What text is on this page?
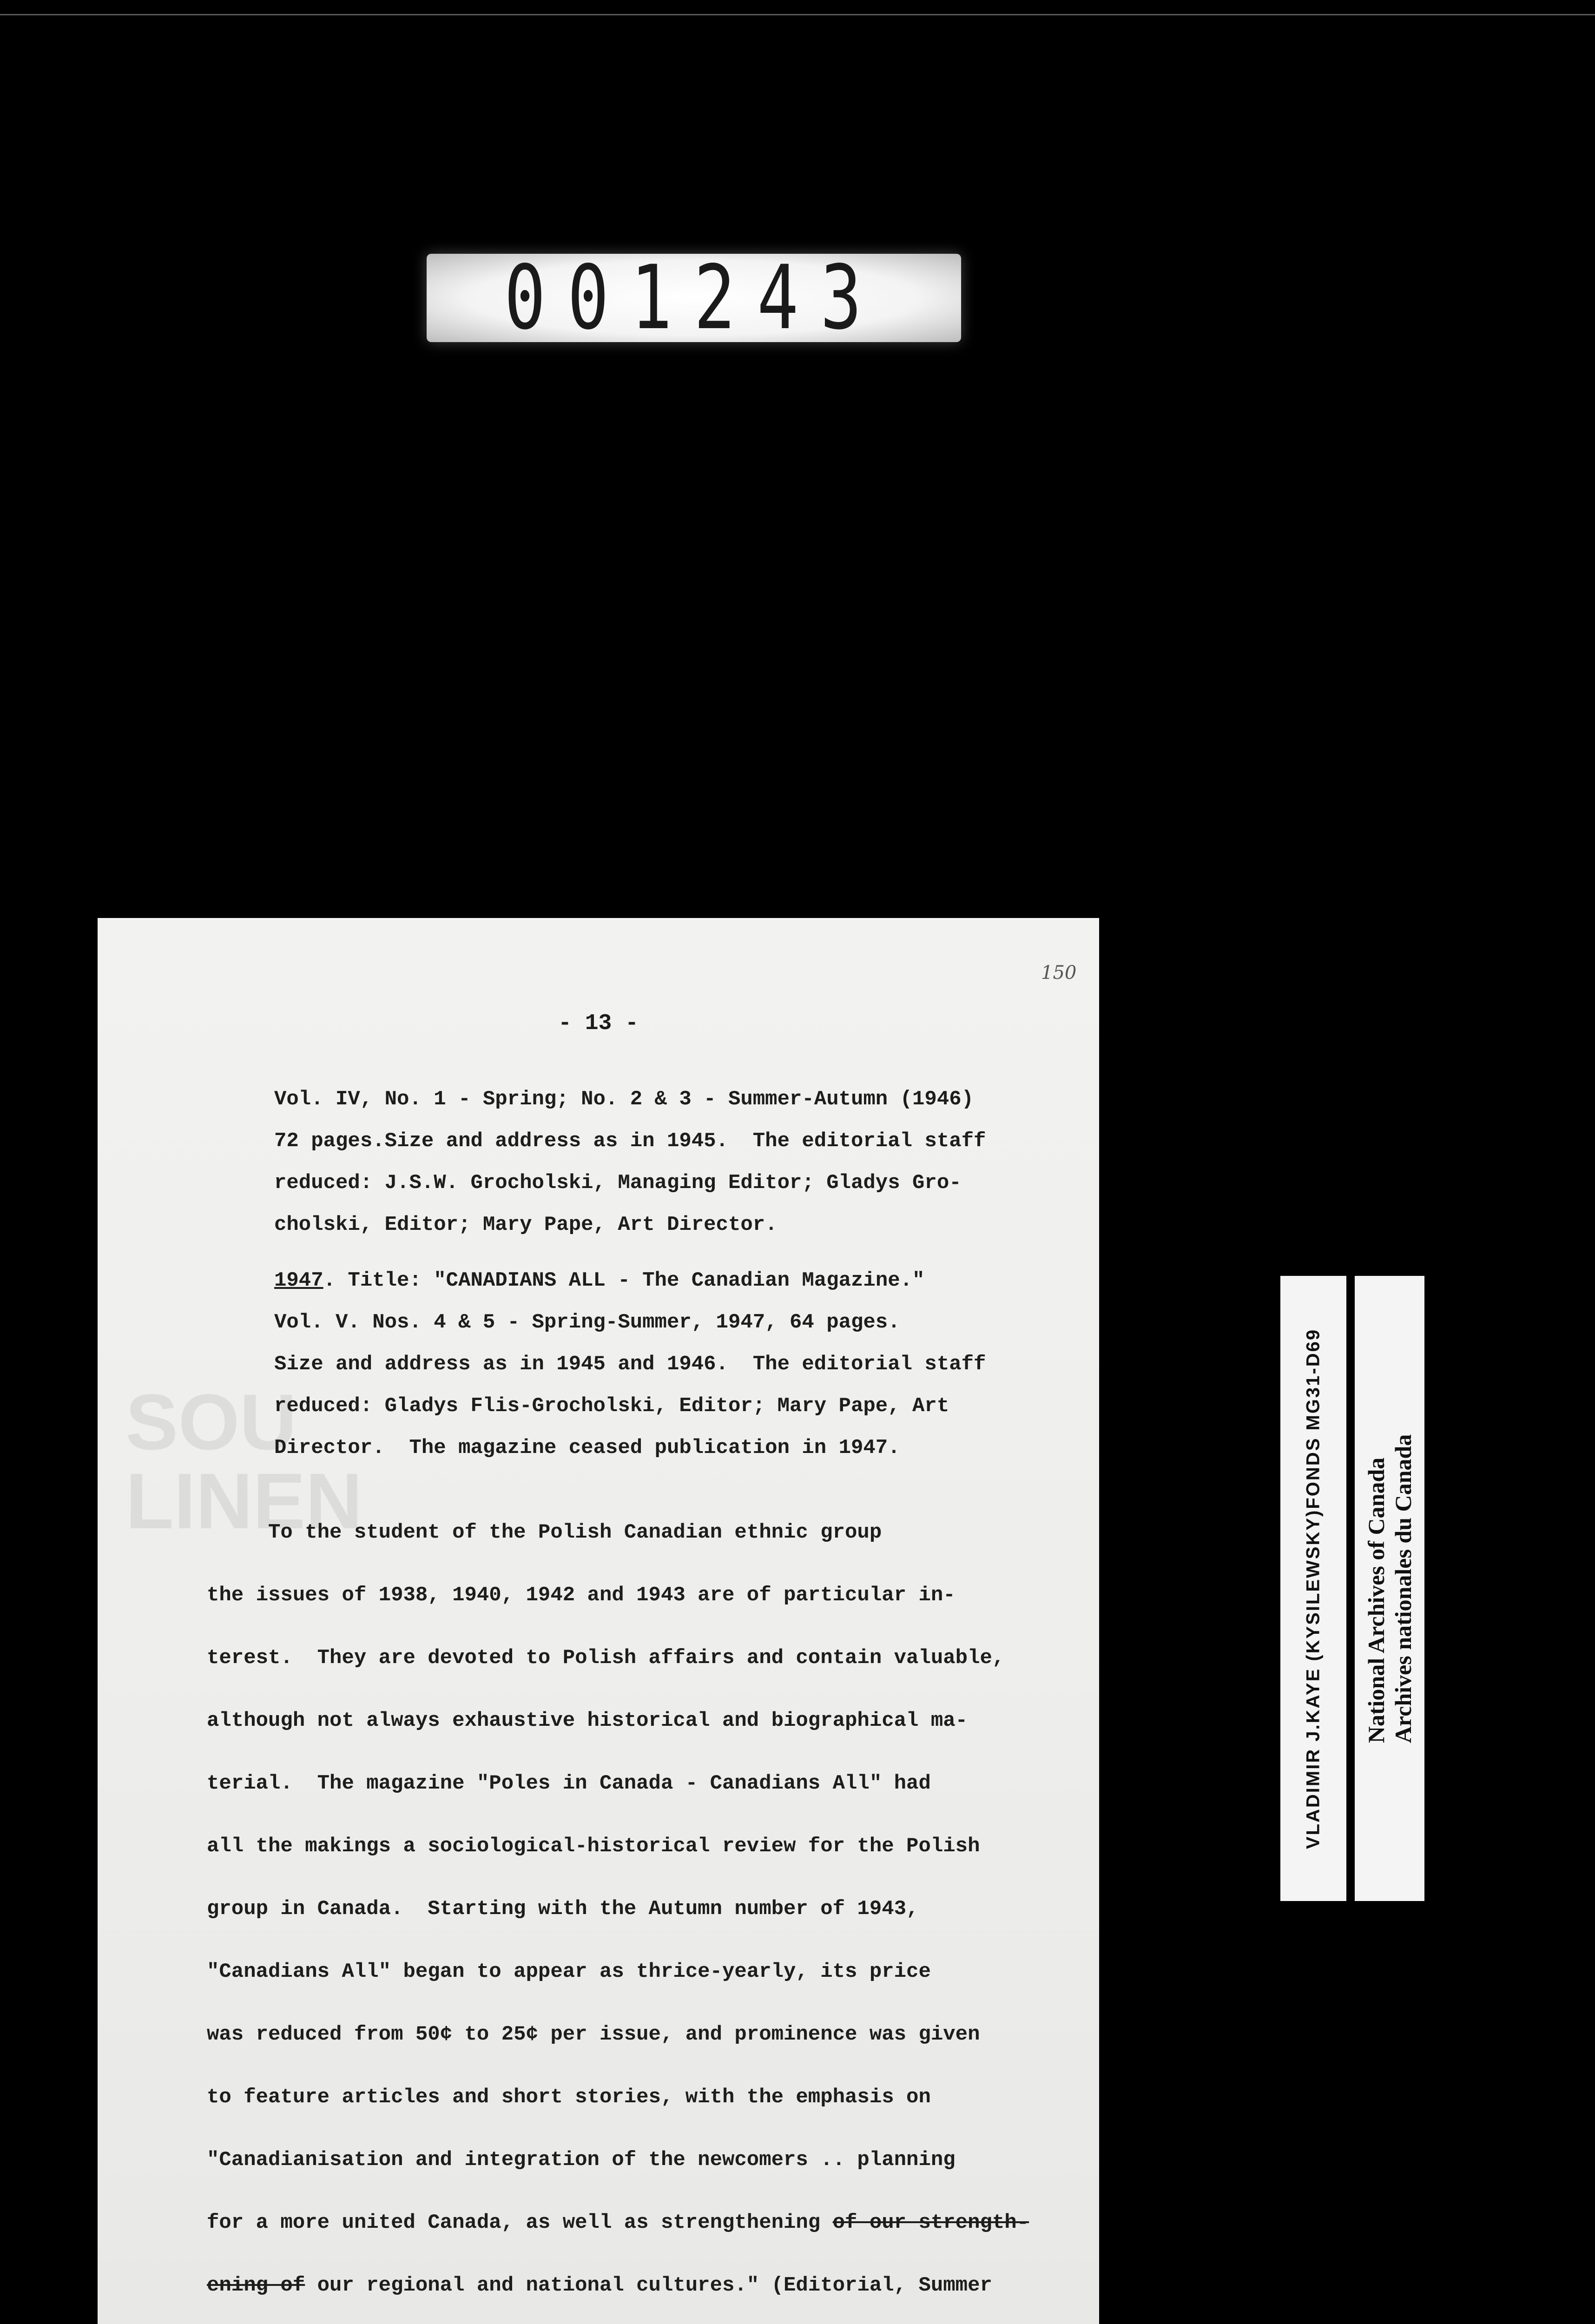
001243
SOU
LINEN
150
- 13 -

Vol. IV, No. 1 - Spring; No. 2 & 3 - Summer-Autumn (1946)

72 pages.Size and address as in 1945.  The editorial staff

reduced: J.S.W. Grocholski, Managing Editor; Gladys Gro-

cholski, Editor; Mary Pape, Art Director.

1947. Title: "CANADIANS ALL - The Canadian Magazine."

Vol. V. Nos. 4 & 5 - Spring-Summer, 1947, 64 pages.

Size and address as in 1945 and 1946.  The editorial staff

reduced: Gladys Flis-Grocholski, Editor; Mary Pape, Art

Director.  The magazine ceased publication in 1947.

To the student of the Polish Canadian ethnic group

the issues of 1938, 1940, 1942 and 1943 are of particular in-

terest.  They are devoted to Polish affairs and contain valuable,

although not always exhaustive historical and biographical ma-

terial.  The magazine "Poles in Canada - Canadians All" had

all the makings a sociological-historical review for the Polish

group in Canada.  Starting with the Autumn number of 1943,

"Canadians All" began to appear as thrice-yearly, its price

was reduced from 50¢ to 25¢ per issue, and prominence was given

to feature articles and short stories, with the emphasis on

"Canadianisation and integration of the newcomers .. planning

for a more united Canada, as well as strengthening of our strength-

ening of our regional and national cultures." (Editorial, Summer

VLADIMIR J.KAYE (KYSILEWSKY)FONDS MG31-D69 National Archives of Canada Archives nationales du Canada
